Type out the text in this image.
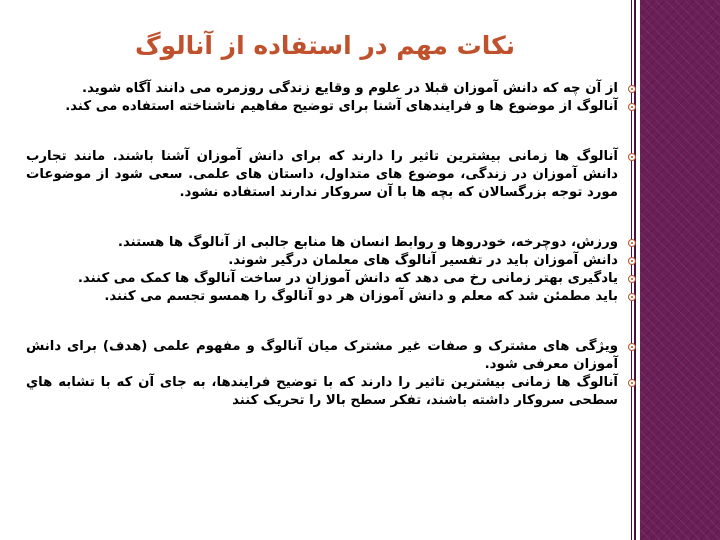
نکات مهم در استفاده از آنالوگ
از آن چه که دانش آموزان قبلا در علوم و وقایع زندگی روزمره می دانند آگاه شوید.
آنالوگ از موضوع ها و فرایندهای آشنا برای توضیح مفاهیم ناشناخته استفاده می کند.
آنالوگ ها زمانی بیشترین تاثیر را دارند که برای دانش آموزان آشنا باشند. مانند تجارب دانش آموزان در زندگی، موضوع های متداول، داستان های علمی. سعی شود از موضوعات مورد توجه بزرگسالان که بچه ها با آن سروکار ندارند استفاده نشود.
ورزش، دوچرخه، خودروها و روابط انسان ها منابع جالبی از آنالوگ ها هستند.
دانش آموزان باید در تفسیر آنالوگ های معلمان درگیر شوند.
یادگیری بهتر زمانی رخ می دهد که دانش آموزان در ساخت آنالوگ ها کمک می کنند.
باید مطمئن شد که معلم و دانش آموزان هر دو آنالوگ را همسو تجسم می کنند.
ویژگی های مشترک و صفات غیر مشترک میان آنالوگ و مفهوم علمی (هدف) برای دانش آموزان معرفی شود.
آنالوگ ها زمانی بیشترین تاثیر را دارند که با توضیح فرایندها، به جای آن که با تشابه هاي سطحی سروکار داشته باشند، تفکر سطح بالا را تحریک کنند
